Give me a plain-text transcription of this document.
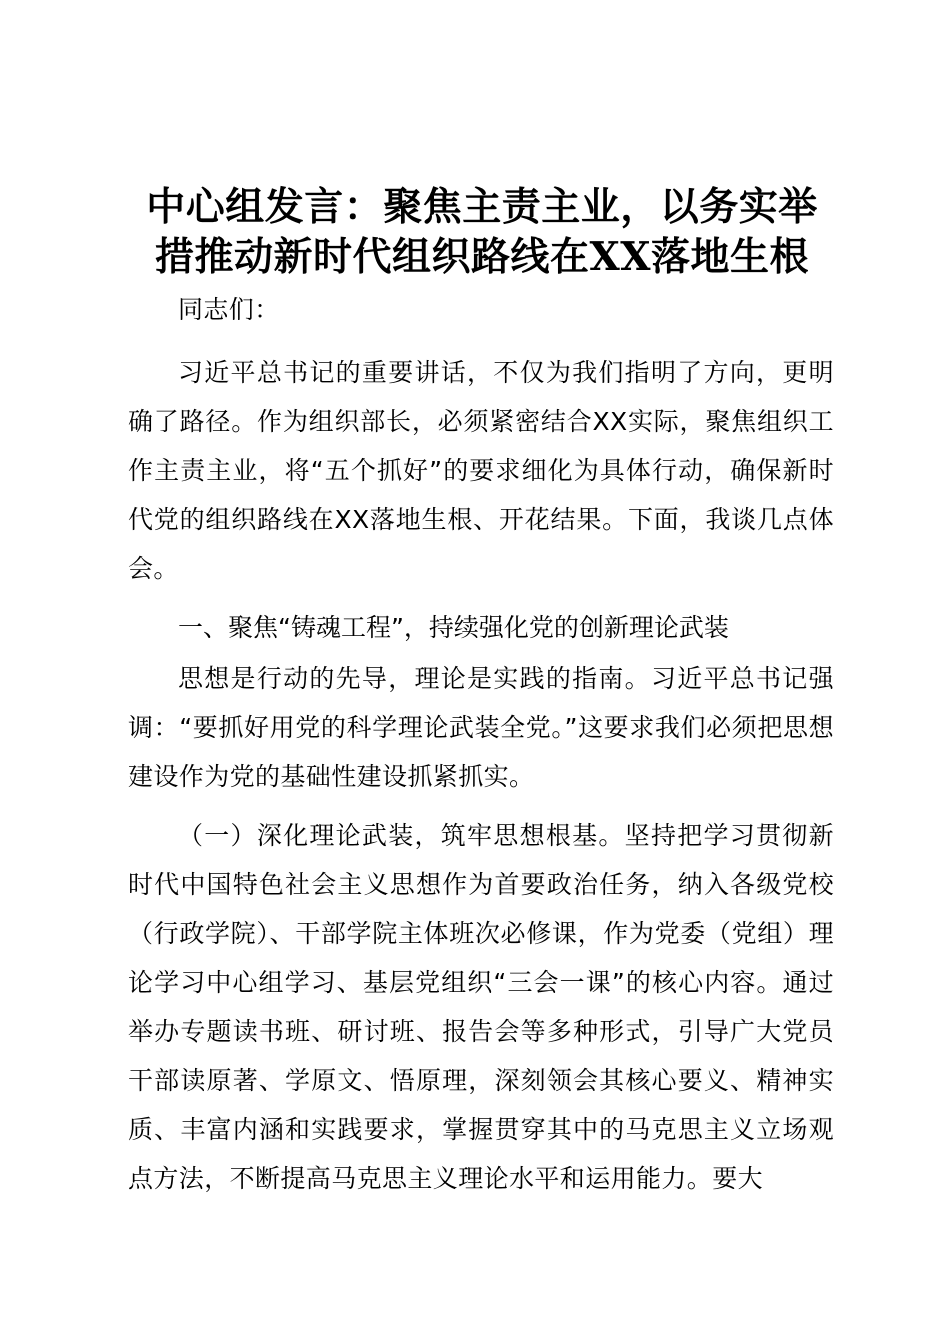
中心组发言：聚焦主责主业，以务实举
措推动新时代组织路线在XX落地生根

同志们：

习近平总书记的重要讲话，不仅为我们指明了方向，更明确了路径。作为组织部长，必须紧密结合XX实际，聚焦组织工作主责主业，将“五个抓好”的要求细化为具体行动，确保新时代党的组织路线在XX落地生根、开花结果。下面，我谈几点体会。

一、聚焦“铸魂工程”，持续强化党的创新理论武装

思想是行动的先导，理论是实践的指南。习近平总书记强调：“要抓好用党的科学理论武装全党。”这要求我们必须把思想建设作为党的基础性建设抓紧抓实。

（一）深化理论武装，筑牢思想根基。坚持把学习贯彻新时代中国特色社会主义思想作为首要政治任务，纳入各级党校（行政学院）、干部学院主体班次必修课，作为党委（党组）理论学习中心组学习、基层党组织“三会一课”的核心内容。通过举办专题读书班、研讨班、报告会等多种形式，引导广大党员干部读原著、学原文、悟原理，深刻领会其核心要义、精神实质、丰富内涵和实践要求，掌握贯穿其中的马克思主义立场观点方法，不断提高马克思主义理论水平和运用能力。要大
